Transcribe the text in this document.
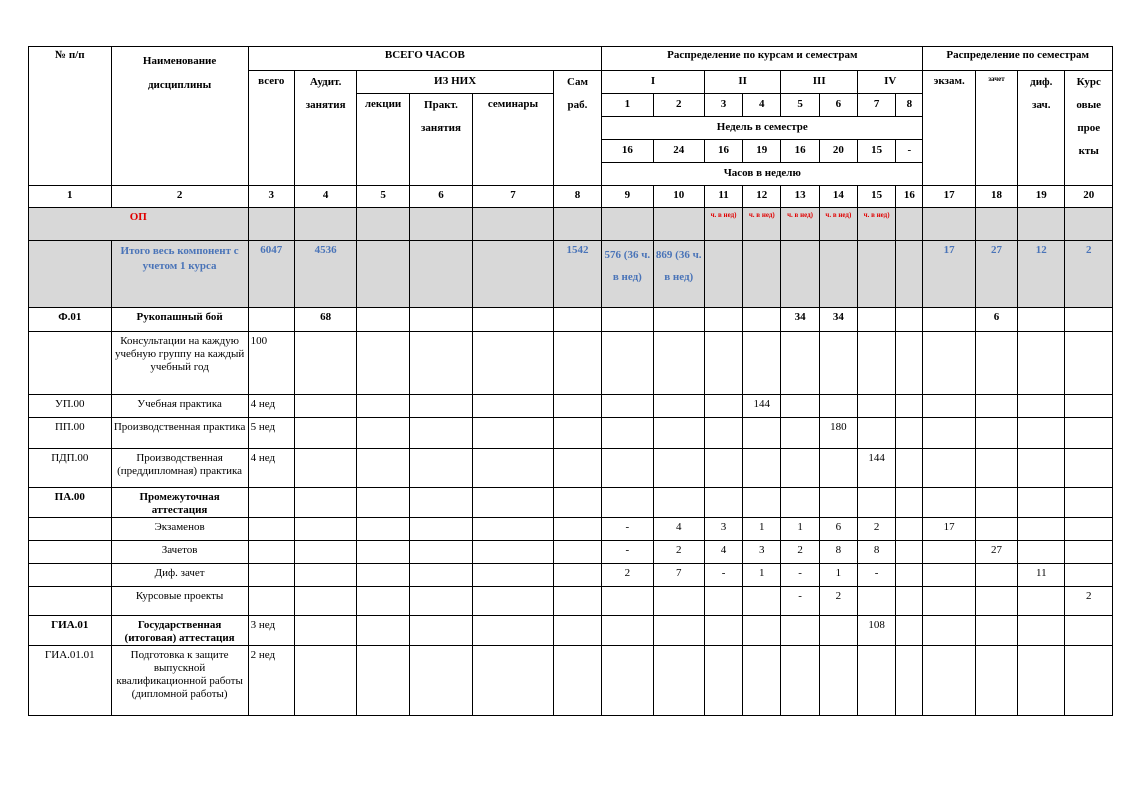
№ п/п	Наименование дисциплины	ВСЕГО ЧАСОВ						Распределение по курсам и семестрам								Распределение по семестрам			
		всего	Аудит. занятия	ИЗ НИХ			Сам раб.	I		II		III		IV		экзам.	зачет	диф. зач.	Курс овые прое кты
				лекции	Практ. занятия	семинары		1	2	3	4	5	6	7	8				
								Недель в семестре											
								16	24	16	19	16	20	15	-				
								Часов в неделю											
1	2	3	4	5	6	7	8	9	10	11	12	13	14	15	16	17	18	19	20
ОП										ч. в нед)	ч. в нед)	ч. в нед)	ч. в нед)	ч. в нед)					
	Итого весь компонент с учетом 1 курса	6047	4536				1542	576 (36 ч. в нед)	869 (36 ч. в нед)							17	27	12	2
Ф.01	Рукопашный бой		68									34	34				6		
	Консультации на каждую учебную группу на каждый учебный год	100																	
УП.00	Учебная практика	4 нед									144								
ПП.00	Производственная практика	5 нед											180						
ПДП.00	Производственная (преддипломная) практика	4 нед												144					
ПА.00	Промежуточная аттестация																		
	Экзаменов							-	4	3	1	1	6	2		17			
	Зачетов							-	2	4	3	2	8	8			27		
	Диф. зачет							2	7	-	1	-	1	-				11	
	Курсовые проекты											-	2						2
ГИА.01	Государственная (итоговая) аттестация	3 нед												108					
ГИА.01.01	Подготовка к защите выпускной квалификационной работы (дипломной работы)	2 нед																	
